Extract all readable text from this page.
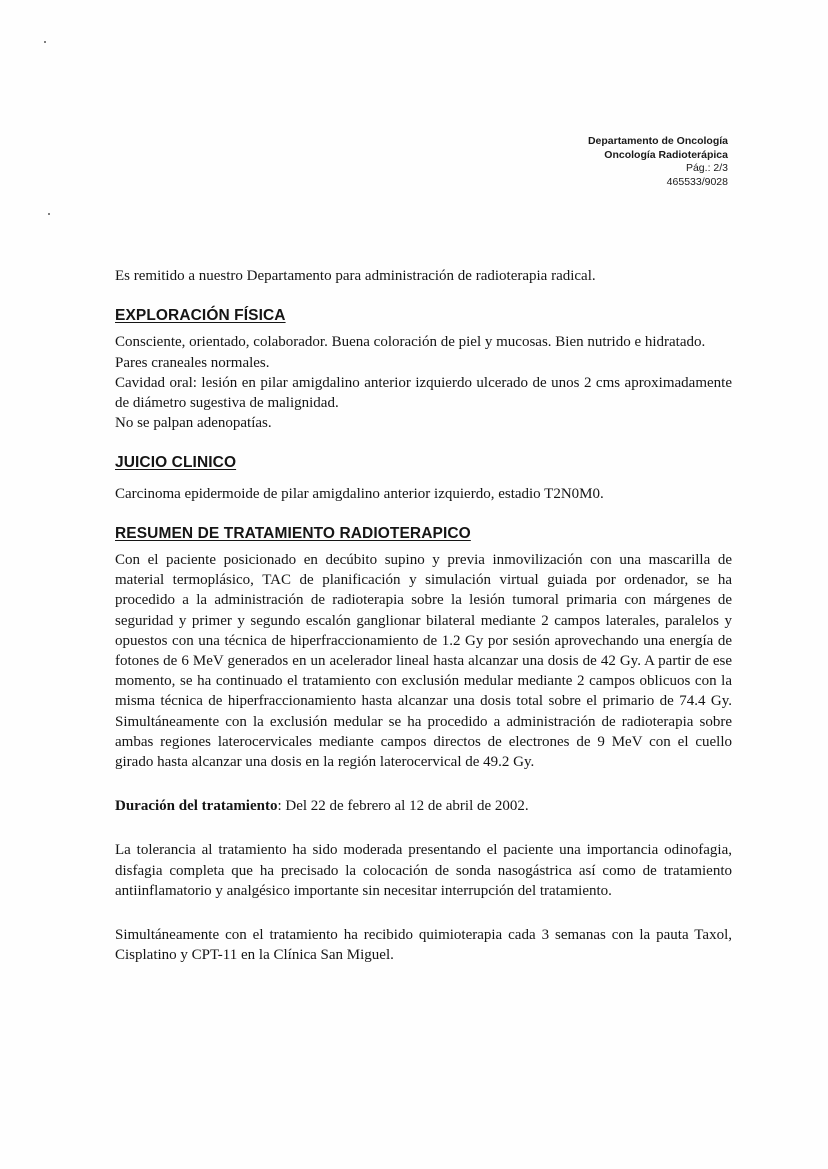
Departamento de Oncología
Oncología Radioterápica
Pág.: 2/3
465533/9028

Es remitido a nuestro Departamento para administración de radioterapia radical.

EXPLORACIÓN FÍSICA

Consciente, orientado, colaborador. Buena coloración de piel y mucosas. Bien nutrido e hidratado.

Pares craneales normales.

Cavidad oral: lesión en pilar amigdalino anterior izquierdo ulcerado de unos 2 cms aproximadamente de diámetro sugestiva de malignidad.

No se palpan adenopatías.

JUICIO CLINICO

Carcinoma epidermoide de pilar amigdalino anterior izquierdo, estadio T2N0M0.

RESUMEN DE TRATAMIENTO RADIOTERAPICO

Con el paciente posicionado en decúbito supino y previa inmovilización con una mascarilla de material termoplásico, TAC de planificación y simulación virtual guiada por ordenador, se ha procedido a la administración de radioterapia sobre la lesión tumoral primaria con márgenes de seguridad y primer y segundo escalón ganglionar bilateral mediante 2 campos laterales, paralelos y opuestos con una técnica de hiperfraccionamiento de 1.2 Gy por sesión aprovechando una energía de fotones de 6 MeV generados en un acelerador lineal hasta alcanzar una dosis de 42 Gy. A partir de ese momento, se ha continuado el tratamiento con exclusión medular mediante 2 campos oblicuos con la misma técnica de hiperfraccionamiento hasta alcanzar una dosis total sobre el primario de 74.4 Gy. Simultáneamente con la exclusión medular se ha procedido a administración de radioterapia sobre ambas regiones laterocervicales mediante campos directos de electrones de 9 MeV con el cuello girado hasta alcanzar una dosis en la región laterocervical de 49.2 Gy.

Duración del tratamiento: Del 22 de febrero al 12 de abril de 2002.

La tolerancia al tratamiento ha sido moderada presentando el paciente una importancia odinofagia, disfagia completa que ha precisado la colocación de sonda nasogástrica así como de tratamiento antiinflamatorio y analgésico importante sin necesitar interrupción del tratamiento.

Simultáneamente con el tratamiento ha recibido quimioterapia cada 3 semanas con la pauta Taxol, Cisplatino y CPT-11 en la Clínica San Miguel.
